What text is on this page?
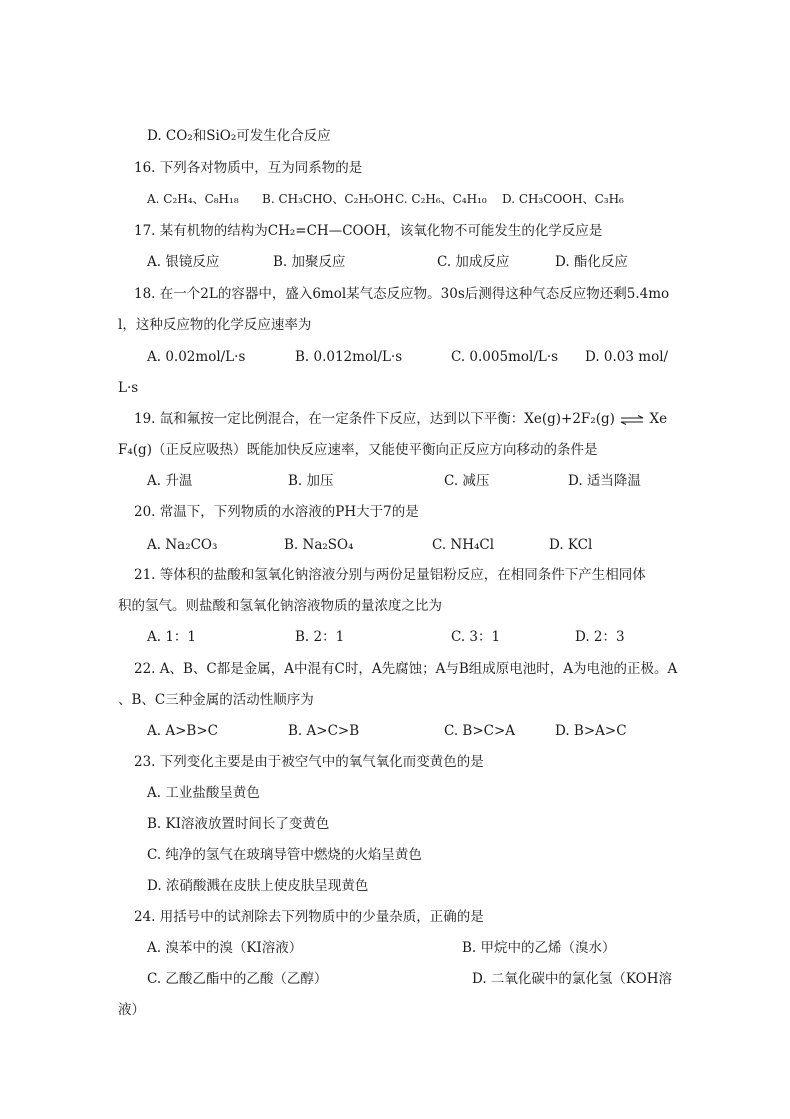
D. CO₂和SiO₂可发生化合反应
16. 下列各对物质中，互为同系物的是
A. C₂H₄、C₈H₁₈ B. CH₃CHO、C₂H₅OH C. C₂H₆、C₄H₁₀ D. CH₃COOH、C₃H₆
17. 某有机物的结构为CH₂=CH—COOH，该氧化物不可能发生的化学反应是
A. 银镜反应	B. 加聚反应	C. 加成反应	D. 酯化反应
18. 在一个2L的容器中，盛入6mol某气态反应物。30s后测得这种气态反应物还剩5.4mo
l，这种反应物的化学反应速率为
A. 0.02mol/L·s	B. 0.012mol/L·s	C. 0.005mol/L·s D. 0.03 mol/
L·s
19. 氙和氟按一定比例混合，在一定条件下反应，达到以下平衡：Xe(g)+2F₂(g) ⇌ Xe
F₄(g)（正反应吸热）既能加快反应速率，又能使平衡向正反应方向移动的条件是
A. 升温	B. 加压	C. 减压	D. 适当降温
20. 常温下，下列物质的水溶液的PH大于7的是
A. Na₂CO₃	B. Na₂SO₄	C. NH₄Cl	D. KCl
21. 等体积的盐酸和氢氧化钠溶液分别与两份足量铝粉反应，在相同条件下产生相同体
积的氢气。则盐酸和氢氧化钠溶液物质的量浓度之比为
A. 1：1	B. 2：1	C. 3：1	D. 2：3
22. A、B、C都是金属，A中混有C时，A先腐蚀；A与B组成原电池时，A为电池的正极。A
、B、C三种金属的活动性顺序为
A. A>B>C	B. A>C>B	C. B>C>A	D. B>A>C
23. 下列变化主要是由于被空气中的氧气氧化而变黄色的是
A. 工业盐酸呈黄色
B. KI溶液放置时间长了变黄色
C. 纯净的氢气在玻璃导管中燃烧的火焰呈黄色
D. 浓硝酸溅在皮肤上使皮肤呈现黄色
24. 用括号中的试剂除去下列物质中的少量杂质，正确的是
A. 溴苯中的溴（KI溶液）	B. 甲烷中的乙烯（溴水）
C. 乙酸乙酯中的乙酸（乙醇）	D. 二氧化碳中的氯化氢（KOH溶
液）
